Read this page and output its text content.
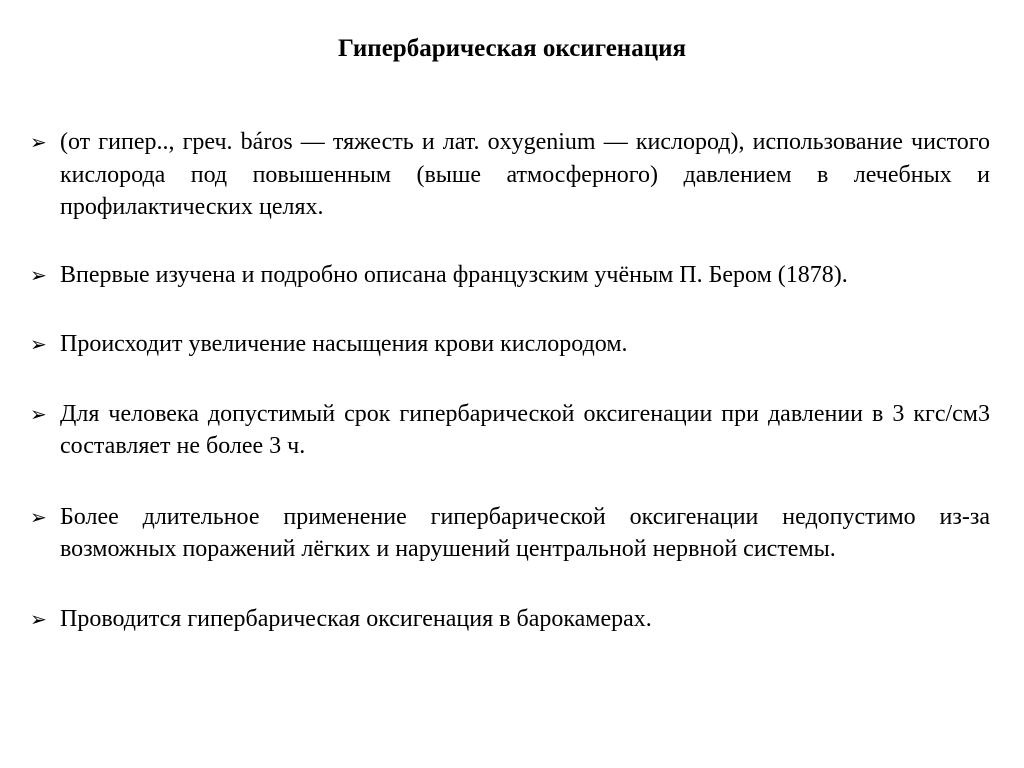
Гипербарическая оксигенация
➢ (от гипер.., греч. báros — тяжесть и лат. oxygenium — кислород), использование чистого кислорода под повышенным (выше атмосферного) давлением в лечебных и профилактических целях.
➢ Впервые изучена и подробно описана французским учёным П. Бером (1878).
➢ Происходит увеличение насыщения крови кислородом.
➢ Для человека допустимый срок гипербарической оксигенации при давлении в 3 кгс/см3 составляет не более 3 ч.
➢ Более длительное применение гипербарической оксигенации недопустимо из-за возможных поражений лёгких и нарушений центральной нервной системы.
➢ Проводится гипербарическая оксигенация в барокамерах.
